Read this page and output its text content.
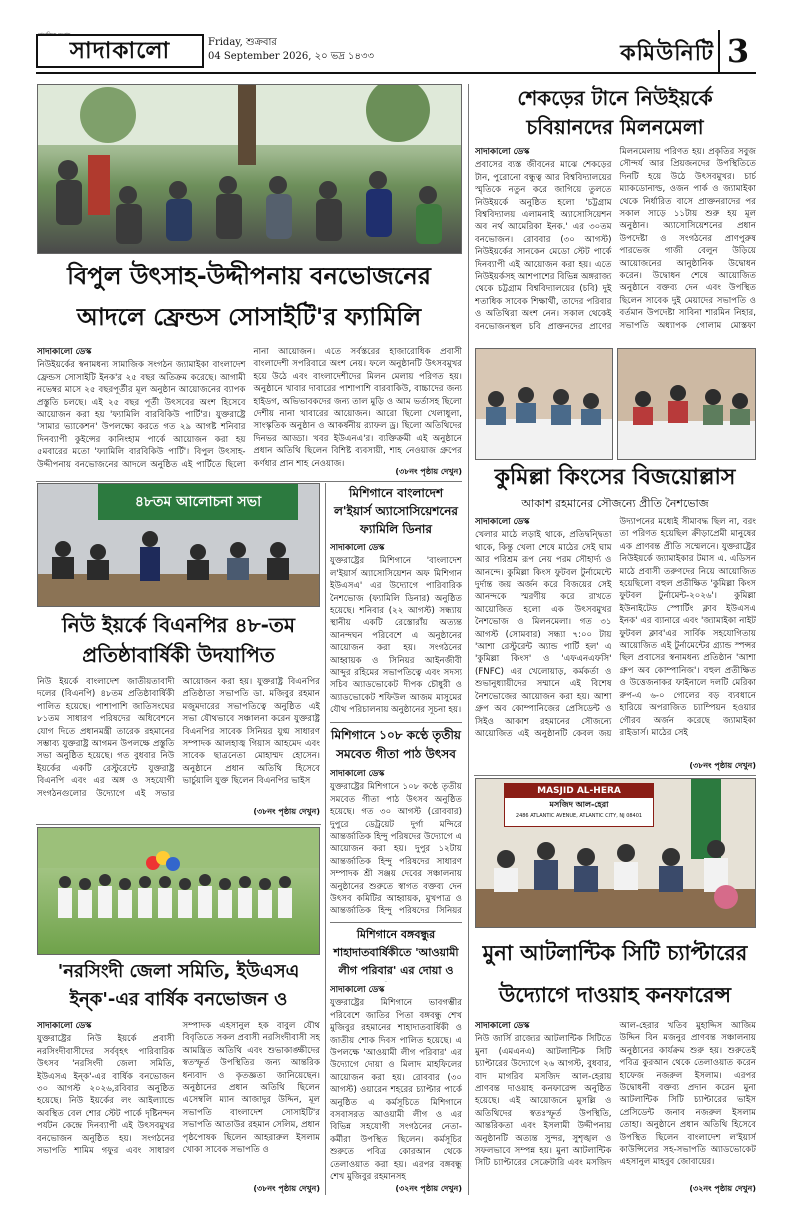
সামাজিক সংবাদ
সাদাকালো	Friday, শুক্রবার
04 September 2026, ২০ ভদ্র ১৪৩৩	কমিউনিটি 3
বিপুল উৎসাহ-উদ্দীপনায় বনভোজনের আদলে ফ্রেন্ডস সোসাইটি'র ফ্যামিলি
সাদাকালো ডেস্ক
নিউইয়র্কের স্বনামধন্য সামাজিক সংগঠন জ্যামাইকা বাংলাদেশ ফ্রেন্ডস সোসাইটি ইনক'র ২৫ বছর অতিক্রম করেছে। আগামী নভেম্বর মাসে ২৫ বছরপূর্তীর মূল অনুষ্ঠান আয়োজনের ব্যাপক প্রস্তুতি চলছে। এই ২৫ বছর পূর্তী উৎসবের অংশ হিসেবে আয়োজন করা হয় 'ফ্যামিলি বারবিকিউ পার্টি'র। যুক্তরাষ্ট্রে 'সামার ভ্যাকেশন' উপলক্ষ্যে করতে গত ২৯ আগষ্ট শনিবার দিনব্যাপী কুইন্সের কানিংহাম পার্কে আয়োজন করা হয় ৫মবারের মতো 'ফ্যামিলি বারবিকিউ পার্টি'। বিপুল উৎসাহ-উদ্দীপনায় বনভোজনের আদলে অনুষ্ঠিত এই পার্টিতে ছিলো নানা আয়োজন। এতে সর্বস্তরের হাজারোধিক প্রবাসী বাংলাদেশী সপরিবারে অংশ নেয়। ফলে অনুষ্ঠানটি উৎসবমুখর হয়ে উঠে এবং বাংলাদেশীদের মিলন মেলায় পরিণত হয়। অনুষ্ঠানে খাবার দাবারের পাশাপাশি বারবাকিউ, বাচ্চাদের জন্য হাইডগ, অভিভাবকদের জন্য তাল মুড়ি ও আম ভর্তাসহ ছিলো দেশীয় নানা খাবারের আয়োজন। আরো ছিলো খেলাধুলা, সাংস্কৃতিক অনুষ্ঠান ও আকর্ষনীয় র‌্যাফল ড্র। ছিলো অতিথিদের দিনভর আড্ডা। খবর ইউএনএ'র। ব্যক্তিক্রমী এই অনুষ্ঠানে প্রধান অতিথি ছিলেন বিশিষ্ট ব্যবসায়ী, শাহ নেওয়াজ গ্রুপের কর্ণধার প্রান শাহ নেওয়াজ।
(৩৮নং পৃষ্ঠায় দেখুন)
৪৮তম আলোচনা সভা
নিউ ইয়র্কে বিএনপির ৪৮-তম প্রতিষ্ঠাবার্ষিকী উদযাপিত
নিউ ইয়র্কে বাংলাদেশ জাতীয়তাবাদী দলের (বিএনপি) ৪৮তম প্রতিষ্ঠাবার্ষিকী পালিত হয়েছে। পাশাপাশি জাতিসংঘের ৮১তম সাধারণ পরিষদের অধিবেশনে যোগ দিতে প্রধানমন্ত্রী তারেক রহমানের সম্ভাব্য যুক্তরাষ্ট্র আগমন উপলক্ষে প্রস্তুতি সভা অনুষ্ঠিত হয়েছে। গত বুধবার নিউ ইয়র্কের একটি রেস্টুরেন্টে যুক্তরাষ্ট্র বিএনপি এবং এর অঙ্গ ও সহযোগী সংগঠনগুলোর উদ্যোগে এই সভার আয়োজন করা হয়। যুক্তরাষ্ট্র বিএনপির প্রতিষ্ঠাতা সভাপতি ডা. মজিবুর রহমান মজুমদারের সভাপতিত্বে অনুষ্ঠিত এই সভা যৌথভাবে সঞ্চালনা করেন যুক্তরাষ্ট্র বিএনপির সাবেক সিনিয়র যুগ্ম সাধারণ সম্পাদক আলহাজ্ব গিয়াস আহমেদ এবং সাবেক ছাত্রনেতা মোহাম্মদ হোসেন। অনুষ্ঠানে প্রধান অতিথি হিসেবে ভার্চুয়ালি যুক্ত ছিলেন বিএনপির ভাইস
(৩৮নং পৃষ্ঠায় দেখুন)
'নরসিংদী জেলা সমিতি, ইউএসএ ইন্ক'-এর বার্ষিক বনভোজন ও
সাদাকালো ডেস্ক
যুক্তরাষ্ট্রের নিউ ইয়র্কে প্রবাসী নরসিংদীবাসীদের সর্ববৃহৎ পারিবারিক উৎসব 'নরসিংদী জেলা সমিতি, ইউএসএ ইন্ক'-এর বার্ষিক বনভোজন ৩০ আগস্ট ২০২৬,রবিবার অনুষ্ঠিত হয়েছে। নিউ ইয়র্কের লং আইল্যান্ডে অবস্থিত বেল শোর স্টেট পার্কে দৃষ্টিনন্দন পর্যটন কেন্দ্রে দিনব্যাপী এই উৎসবমুখর বনভোজন অনুষ্ঠিত হয়। সংগঠনের সভাপতি শামিম গফুর এবং সাধারণ সম্পাদক এহসানুল হক বাবুল যৌথ বিবৃতিতে সকল প্রবাসী নরসিংদীবাসী সহ আমন্ত্রিত অতিথি এবং শুভাকাঙ্ক্ষীদের স্বতস্ফূর্ত উপস্থিতির জন্য আন্তরিক ধন্যবাদ ও কৃতজ্ঞতা জানিয়েছেন। অনুষ্ঠানের প্রধান অতিথি ছিলেন এসেম্বলি ম্যান আজাদুর উদ্দিন, মূল সভাপতি বাংলাদেশ সোসাইটি'র সভাপতি আতাউর রহমান সেলিম, প্রধান পৃষ্ঠপোষক ছিলেন আহরারুল ইসলাম খোকা সাবেক সভাপতি ও
(৩৮নং পৃষ্ঠায় দেখুন)
মিশিগানে বাংলাদেশ ল'ইয়ার্স অ্যাসোসিয়েশনের ফ্যামিলি ডিনার
সাদাকালো ডেস্ক
যুক্তরাষ্ট্রের মিশিগানে 'বাংলাদেশ ল'ইয়ার্স অ্যাসোসিয়েশন অফ মিশিগান ইউএসএ' এর উদ্যোগে পারিবারিক নৈশভোজ (ফ্যামিলি ডিনার) অনুষ্ঠিত হয়েছে। শনিবার (২২ আগস্ট) সন্ধ্যায় স্থানীয় একটি রেস্তোরাঁয় অত্যন্ত আনন্দঘন পরিবেশে এ অনুষ্ঠানের আয়োজন করা হয়। সংগঠনের আহ্বায়ক ও সিনিয়র আইনজীবী আব্দুর রহিমের সভাপতিত্বে এবং সদস্য সচিব অ্যাডভোকেট দীপক চৌধুরী ও অ্যাডভোকেট শফিউল আজম মাসুমের যৌথ পরিচালনায় অনুষ্ঠানের সূচনা হয়।
মিশিগানে ১০৮ কণ্ঠে তৃতীয় সমবেত গীতা পাঠ উৎসব
সাদাকালো ডেস্ক
যুক্তরাষ্ট্রের মিশিগানে ১০৮ কণ্ঠে তৃতীয় সমবেত গীতা পাঠ উৎসব অনুষ্ঠিত হয়েছে। গত ৩০ আগস্ট (রোববার) দুপুরে ডেট্রয়েট দুর্গা মন্দিরে আন্তর্জাতিক হিন্দু পরিষদের উদ্যোগে এ আয়োজন করা হয়। দুপুর ১২টায় আন্তর্জাতিক হিন্দু পরিষদের সাধারণ সম্পাদক শ্রী সঞ্জয় দেবের সঞ্চালনায় অনুষ্ঠানের শুরুতে স্বাগত বক্তব্য দেন উৎসব কমিটির আহ্বায়ক, মুখপাত্র ও আন্তর্জাতিক হিন্দু পরিষদের সিনিয়র
মিশিগানে বঙ্গবন্ধুর শাহাদাতবার্ষিকীতে 'আওয়ামী লীগ পরিবার' এর দোয়া ও
সাদাকালো ডেস্ক
যুক্তরাষ্ট্রের মিশিগানে ভাবগম্ভীর পরিবেশে জাতির পিতা বঙ্গবন্ধু শেখ মুজিবুর রহমানের শাহাদাতবার্ষিকী ও জাতীয় শোক দিবস পালিত হয়েছে। এ উপলক্ষে 'আওয়ামী লীগ পরিবার' এর উদ্যোগে দোয়া ও মিলাদ মাহফিলের আয়োজন করা হয়। রোববার (৩০ আগস্ট) ওয়ারেন শহরের চ্যাপ্টার পার্কে অনুষ্ঠিত এ কর্মসূচিতে মিশিগানে বসবাসরত আওয়ামী লীগ ও এর বিভিন্ন সহযোগী সংগঠনের নেতা-কর্মীরা উপস্থিত ছিলেন। কর্মসূচির শুরুতে পবিত্র কোরআন থেকে তেলাওয়াত করা হয়। এরপর বঙ্গবন্ধু শেখ মুজিবুর রহমানসহ
(৩২নং পৃষ্ঠায় দেখুন)
শেকড়ের টানে নিউইয়র্কে চবিয়ানদের মিলনমেলা
সাদাকালো ডেস্ক
প্রবাসের ব্যস্ত জীবনের মাঝে শেকড়ের টান, পুরোনো বন্ধুত্ব আর বিশ্ববিদ্যালয়ের স্মৃতিকে নতুন করে জাগিয়ে তুলতে নিউইয়র্কে অনুষ্ঠিত হলো 'চট্টগ্রাম বিশ্ববিদ্যালয় এলামনাই অ্যাসোসিয়েশন অব নর্থ আমেরিকা ইনক.' এর ৩০তম বনভোজন। রোববার (৩০ আগস্ট) নিউইয়র্কের সানকেন মেডো স্টেট পার্কে দিনব্যাপী এই আয়োজন করা হয়। এতে নিউইয়র্কসহ আশপাশের বিভিন্ন অঙ্গরাজ্য থেকে চট্টগ্রাম বিশ্ববিদ্যালয়ের (চবি) দুই শতাধিক সাবেক শিক্ষার্থী, তাদের পরিবার ও অতিথিরা অংশ নেন। সকাল থেকেই বনভোজনস্থল চবি প্রাক্তনদের প্রাণের মিলনমেলায় পরিণত হয়। প্রকৃতির সবুজ সৌন্দর্য আর প্রিয়জনদের উপস্থিতিতে দিনটি হয়ে উঠে উৎসবমুখর। চার্চ ম্যাকডোনাল্ড, ওজন পার্ক ও জ্যামাইকা থেকে নির্ধারিত বাসে প্রাক্তনরাদের পর সকাল সাড়ে ১১টায় শুরু হয় মূল অনুষ্ঠান। অ্যাসোসিয়েশনের প্রধান উপদেষ্টা ও সংগঠনের প্রাণপুরুষ পারভেজ গাজী বেলুন উড়িয়ে আয়োজনের আনুষ্ঠানিক উদ্বোধন করেন। উদ্বোধন শেষে আয়োজিত অনুষ্ঠানে বক্তব্য দেন এবং উপস্থিত ছিলেন সাবেক দুই মেয়াদের সভাপতি ও বর্তমান উপদেষ্টা সাবিনা শারমিন নিহার, সভাপতি অধ্যাপক গোলাম মোস্তফা
কুমিল্লা কিংসের বিজয়োল্লাস
আকাশ রহমানের সৌজন্যে প্রীতি নৈশভোজ
সাদাকালো ডেস্ক
খেলার মাঠে লড়াই থাকে, প্রতিদ্বন্দ্বিতা থাকে, কিন্তু খেলা শেষে মাঠের সেই ঘাম আর পরিশ্রম রূপ নেয় পরম সৌহার্দ্য ও আনন্দে। কুমিল্লা কিংস ফুটবল টুর্নামেন্টে দুর্দান্ত জয় অর্জন করে বিজয়ের সেই আনন্দকে স্মরণীয় করে রাখতে আয়োজিত হলো এক উৎসবমুখর নৈশভোজ ও মিলনমেলা। গত ৩১ আগস্ট (সোমবার) সন্ধ্যা ৭:০০ টায় 'আশা রেস্টুরেন্ট অ্যান্ড পার্টি হল' এ 'কুমিল্লা কিংস' ও 'এফএনএফসি' (FNFC) এর খেলোয়াড়, কর্মকর্তা ও শুভানুধ্যায়ীদের সম্মানে এই বিশেষ নৈশভোজের আয়োজন করা হয়। আশা গ্রুপ অব কোম্পানিজের প্রেসিডেন্ট ও সিইও আকাশ রহমানের সৌজন্যে আয়োজিত এই অনুষ্ঠানটি কেবল জয় উদ্যাপনের মধ্যেই সীমাবদ্ধ ছিল না, বরং তা পরিণত হয়েছিল ক্রীড়াপ্রেমী মানুষের এক প্রাণবন্ত প্রীতি সম্মেলনে। যুক্তরাষ্ট্রের নিউইয়র্কে জ্যামাইকার টমাস এ. এডিসন মাঠে প্রবাসী তরুণদের নিয়ে আয়োজিত হয়েছিলো বহুল প্রতীক্ষিত 'কুমিল্লা কিংস ফুটবল টুর্নামেন্ট-২০২৬'। কুমিল্লা ইউনাইটেড স্পোর্টিং ক্লাব ইউএসএ ইনক' এর ব্যানারে এবং 'জ্যামাইকা নাইট ফুটবল ক্লাব'এর সার্বিক সহযোগিতায় আয়োজিত এই টুর্নামেন্টের গ্র্যান্ড স্পন্সর ছিল প্রবাসের স্বনামধন্য প্রতিষ্ঠান 'আশা গ্রুপ অব কোম্পানিজ'। বহুল প্রতীক্ষিত ও উত্তেজনাকর ফাইনালে দলটি মেরিকা রুপ-এ ৬-০ গোলের বড় ব্যবধানে হারিয়ে অপরাজিত চ্যাম্পিয়ন হওয়ার গৌরব অর্জন করেছে জ্যামাইকা রাইডার্স। মাঠের সেই
(৩৮নং পৃষ্ঠায় দেখুন)
MASJID AL-HERA
মসজিদ আল-হেরা
2486 ATLANTIC AVENUE, ATLANTIC CITY, NJ 08401
মুনা আটলান্টিক সিটি চ্যাপ্টারের উদ্যোগে দাওয়াহ কনফারেন্স
সাদাকালো ডেস্ক
নিউ জার্সি রাজ্যের আটলান্টিক সিটিতে মুনা (এমএনএ) আটলান্টিক সিটি চ্যাপ্টারের উদ্যোগে ২৬ আগস্ট, বুধবার, বাদ মাগরিব মসজিদ আল-হেরায় প্রাণবন্ত দাওয়াহ কনফারেন্স অনুষ্ঠিত হয়েছে। এই আয়োজনে মুসল্লি ও অতিথিদের স্বতঃস্ফূর্ত উপস্থিতি, আন্তরিকতা এবং ইসলামী উদ্দীপনায় অনুষ্ঠানটি অত্যন্ত সুন্দর, সুশৃঙ্খল ও সফলভাবে সম্পন্ন হয়। মুনা আটলান্টিক সিটি চ্যাপ্টারের সেক্রেটারি এবং মসজিদ আল-হেরার খতিব মুহাদ্দিস আজিম উদ্দিন বিন মজনুর প্রাণবন্ত সঞ্চালনায় অনুষ্ঠানের কার্যক্রম শুরু হয়। শুরুতেই পবিত্র কুরআন থেকে তেলাওয়াত করেন হাফেজ নজরুল ইসলাম। এরপর উদ্বোধনী বক্তব্য প্রদান করেন মুনা আটলান্টিক সিটি চ্যাপ্টারের ভাইস প্রেসিডেন্ট জনাব নজরুল ইসলাম তোহা। অনুষ্ঠানে প্রধান অতিথি হিসেবে উপস্থিত ছিলেন বাংলাদেশ ল'ইয়ার্স কাউন্সিলের সহ-সভাপতি অ্যাডভোকেট এহসানুল মাহবুব জোবায়ের।
(৩২নং পৃষ্ঠায় দেখুন)
